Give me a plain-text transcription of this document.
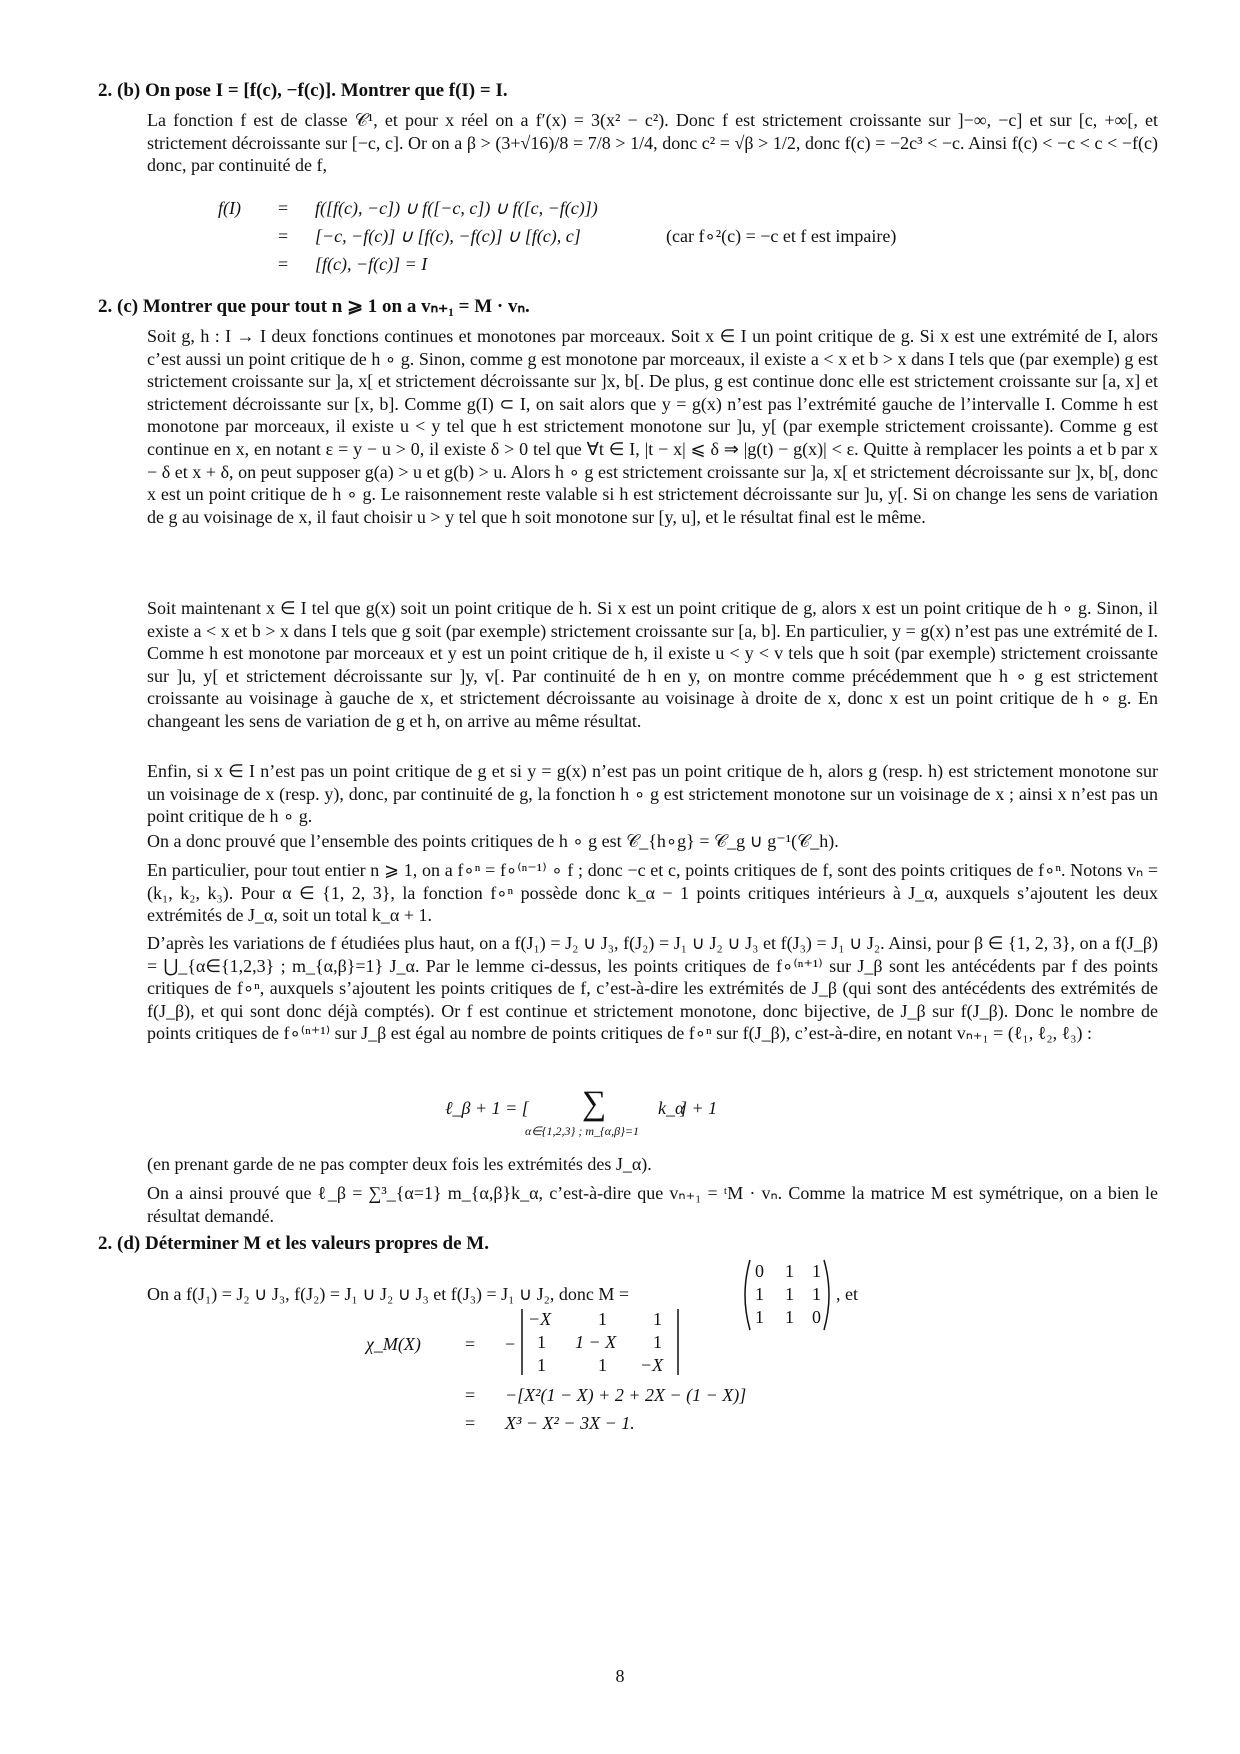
2. (b) On pose I = [f(c), −f(c)]. Montrer que f(I) = I.

La fonction f est de classe 𝒞¹, et pour x réel on a f′(x) = 3(x² − c²). Donc f est strictement croissante sur ]−∞, −c] et sur [c, +∞[, et strictement décroissante sur [−c, c]. Or on a β > (3+√16)/8 = 7/8 > 1/4, donc c² = √β > 1/2, donc f(c) = −2c³ < −c. Ainsi f(c) < −c < c < −f(c) donc, par continuité de f,

f(I) = f([f(c), −c]) ∪ f([−c, c]) ∪ f([c, −f(c)])
= [−c, −f(c)] ∪ [f(c), −f(c)] ∪ [f(c), c]	(car f∘²(c) = −c et f est impaire)
= [f(c), −f(c)] = I
2. (c) Montrer que pour tout n ⩾ 1 on a vₙ₊₁ = M · vₙ.

Soit g, h : I → I deux fonctions continues et monotones par morceaux. Soit x ∈ I un point critique de g. Si x est une extrémité de I, alors c’est aussi un point critique de h ∘ g. Sinon, comme g est monotone par morceaux, il existe a < x et b > x dans I tels que (par exemple) g est strictement croissante sur ]a, x[ et strictement décroissante sur ]x, b[. De plus, g est continue donc elle est strictement croissante sur [a, x] et strictement décroissante sur [x, b]. Comme g(I) ⊂ I, on sait alors que y = g(x) n’est pas l’extrémité gauche de l’intervalle I. Comme h est monotone par morceaux, il existe u < y tel que h est strictement monotone sur ]u, y[ (par exemple strictement croissante). Comme g est continue en x, en notant ε = y − u > 0, il existe δ > 0 tel que ∀t ∈ I, |t − x| ⩽ δ ⇒ |g(t) − g(x)| < ε. Quitte à remplacer les points a et b par x − δ et x + δ, on peut supposer g(a) > u et g(b) > u. Alors h ∘ g est strictement croissante sur ]a, x[ et strictement décroissante sur ]x, b[, donc x est un point critique de h ∘ g. Le raisonnement reste valable si h est strictement décroissante sur ]u, y[. Si on change les sens de variation de g au voisinage de x, il faut choisir u > y tel que h soit monotone sur [y, u], et le résultat final est le même.

Soit maintenant x ∈ I tel que g(x) soit un point critique de h. Si x est un point critique de g, alors x est un point critique de h ∘ g. Sinon, il existe a < x et b > x dans I tels que g soit (par exemple) strictement croissante sur [a, b]. En particulier, y = g(x) n’est pas une extrémité de I. Comme h est monotone par morceaux et y est un point critique de h, il existe u < y < v tels que h soit (par exemple) strictement croissante sur ]u, y[ et strictement décroissante sur ]y, v[. Par continuité de h en y, on montre comme précédemment que h ∘ g est strictement croissante au voisinage à gauche de x, et strictement décroissante au voisinage à droite de x, donc x est un point critique de h ∘ g. En changeant les sens de variation de g et h, on arrive au même résultat.

Enfin, si x ∈ I n’est pas un point critique de g et si y = g(x) n’est pas un point critique de h, alors g (resp. h) est strictement monotone sur un voisinage de x (resp. y), donc, par continuité de g, la fonction h ∘ g est strictement monotone sur un voisinage de x ; ainsi x n’est pas un point critique de h ∘ g.

On a donc prouvé que l’ensemble des points critiques de h ∘ g est 𝒞_{h∘g} = 𝒞_g ∪ g⁻¹(𝒞_h).

En particulier, pour tout entier n ⩾ 1, on a f∘ⁿ = f∘⁽ⁿ⁻¹⁾ ∘ f ; donc −c et c, points critiques de f, sont des points critiques de f∘ⁿ. Notons vₙ = (k₁, k₂, k₃). Pour α ∈ {1, 2, 3}, la fonction f∘ⁿ possède donc k_α − 1 points critiques intérieurs à J_α, auxquels s’ajoutent les deux extrémités de J_α, soit un total k_α + 1.

D’après les variations de f étudiées plus haut, on a f(J₁) = J₂ ∪ J₃, f(J₂) = J₁ ∪ J₂ ∪ J₃ et f(J₃) = J₁ ∪ J₂. Ainsi, pour β ∈ {1, 2, 3}, on a f(J_β) = ⋃_{α∈{1,2,3} ; m_{α,β}=1} J_α. Par le lemme ci-dessus, les points critiques de f∘⁽ⁿ⁺¹⁾ sur J_β sont les antécédents par f des points critiques de f∘ⁿ, auxquels s’ajoutent les points critiques de f, c’est-à-dire les extrémités de J_β (qui sont des antécédents des extrémités de f(J_β), et qui sont donc déjà comptés). Or f est continue et strictement monotone, donc bijective, de J_β sur f(J_β). Donc le nombre de points critiques de f∘⁽ⁿ⁺¹⁾ sur J_β est égal au nombre de points critiques de f∘ⁿ sur f(J_β), c’est-à-dire, en notant vₙ₊₁ = (ℓ₁, ℓ₂, ℓ₃) :

ℓ_β + 1 = [ ∑
α∈{1,2,3} ; m_{α,β}=1
k_α
] + 1

(en prenant garde de ne pas compter deux fois les extrémités des J_α).

On a ainsi prouvé que ℓ_β = ∑³_{α=1} m_{α,β}k_α, c’est-à-dire que vₙ₊₁ = ᵗM · vₙ. Comme la matrice M est symétrique, on a bien le résultat demandé.

2. (d) Déterminer M et les valeurs propres de M.
On a f(J₁) = J₂ ∪ J₃, f(J₂) = J₁ ∪ J₂ ∪ J₃ et f(J₃) = J₁ ∪ J₂, donc M =
0 1 1
1 1 1
1 1 0
, et
χ_M(X) = −
−X	1	1
1 1 − X 1
1	1 −X
= −[X²(1 − X) + 2 + 2X − (1 − X)]
= X³ − X² − 3X − 1.
8
